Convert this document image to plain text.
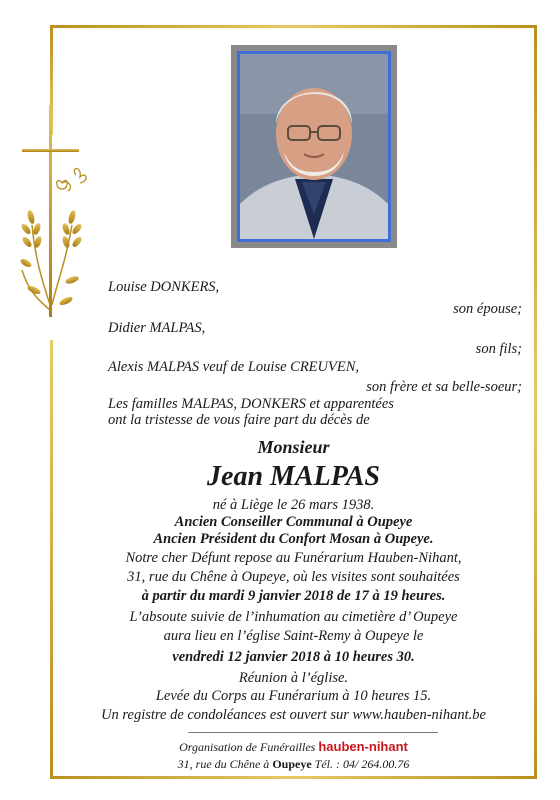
Louise DONKERS,
son épouse;
Didier MALPAS,
son fils;
Alexis MALPAS veuf de Louise CREUVEN,
son frère et sa belle-soeur;
Les familles MALPAS, DONKERS et apparentées
ont la tristesse de vous faire part du décès de
Monsieur
Jean MALPAS
né à Liège le 26 mars 1938.
Ancien Conseiller Communal à Oupeye
Ancien Président du Confort Mosan à Oupeye.
Notre cher Défunt repose au Funérarium Hauben-Nihant,
31, rue du Chêne à Oupeye, où les visites sont souhaitées
à partir du mardi 9 janvier 2018 de 17 à 19 heures.
L’absoute suivie de l’inhumation au cimetière d’ Oupeye
aura lieu en l’église Saint-Remy à Oupeye le
vendredi 12 janvier 2018 à 10 heures 30.
Réunion à l’église.
Levée du Corps au Funérarium à 10 heures 15.
Un registre de condoléances est ouvert sur www.hauben-nihant.be
Organisation de Funérailles hauben-nihant
31, rue du Chêne à Oupeye Tél. : 04/ 264.00.76
